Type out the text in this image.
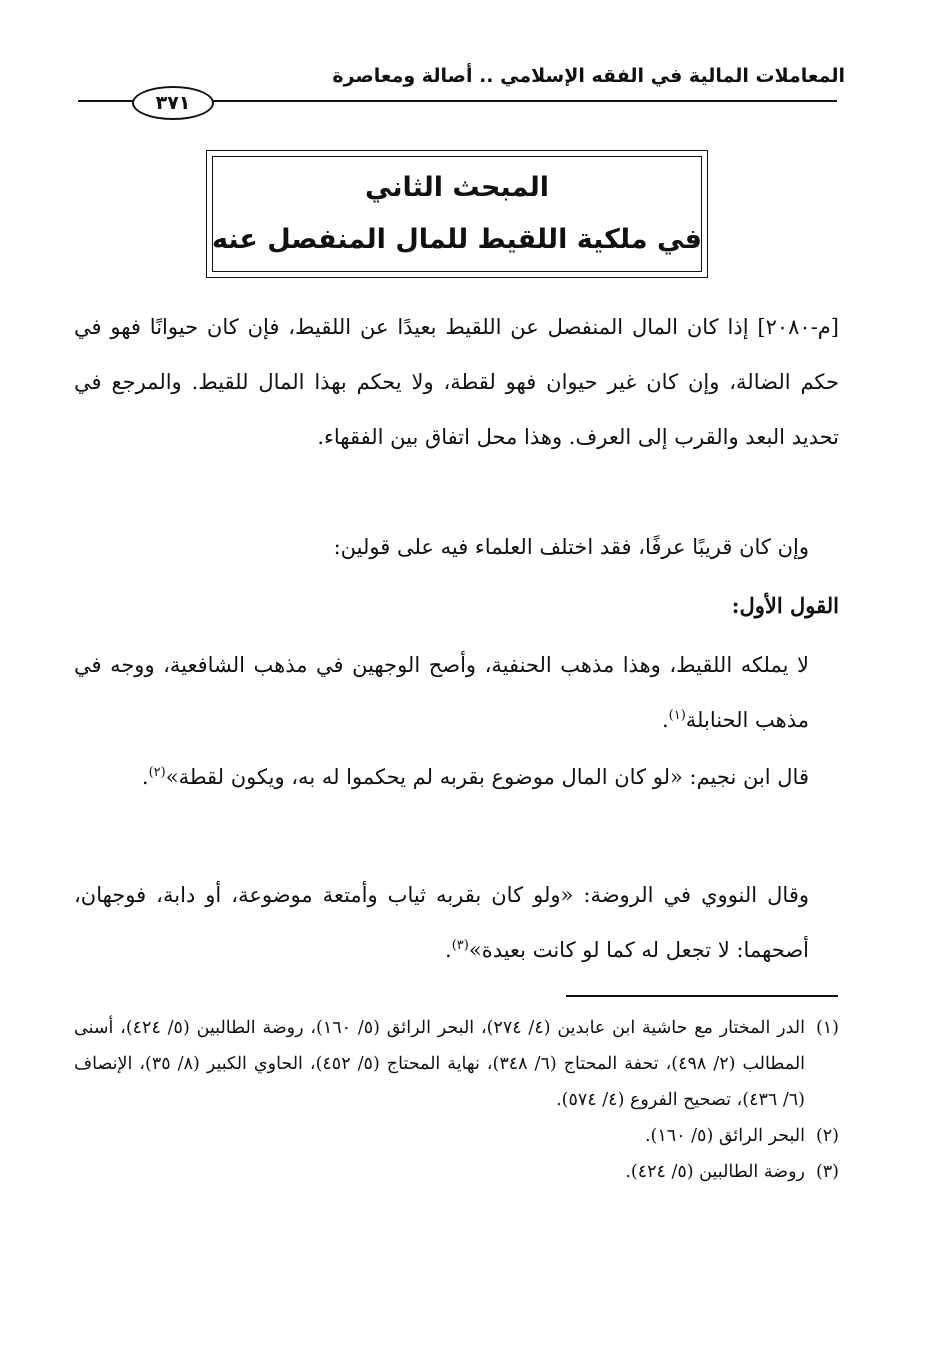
المعاملات المالية في الفقه الإسلامي .. أصالة ومعاصرة
٣٧١
المبحث الثاني
في ملكية اللقيط للمال المنفصل عنه
[م-٢٠٨٠] إذا كان المال المنفصل عن اللقيط بعيدًا عن اللقيط، فإن كان حيوانًا فهو في حكم الضالة، وإن كان غير حيوان فهو لقطة، ولا يحكم بهذا المال للقيط. والمرجع في تحديد البعد والقرب إلى العرف. وهذا محل اتفاق بين الفقهاء.
وإن كان قريبًا عرفًا، فقد اختلف العلماء فيه على قولين:
القول الأول:
لا يملكه اللقيط، وهذا مذهب الحنفية، وأصح الوجهين في مذهب الشافعية، ووجه في مذهب الحنابلة$^{(١)}$.
قال ابن نجيم: «لو كان المال موضوع بقربه لم يحكموا له به، ويكون لقطة»$^{(٢)}$.
وقال النووي في الروضة: «ولو كان بقربه ثياب وأمتعة موضوعة، أو دابة، فوجهان، أصحهما: لا تجعل له كما لو كانت بعيدة»$^{(٣)}$.
(١)
الدر المختار مع حاشية ابن عابدين (٤/ ٢٧٤)، البحر الرائق (٥/ ١٦٠)، روضة الطالبين (٥/ ٤٢٤)، أسنى المطالب (٢/ ٤٩٨)، تحفة المحتاج (٦/ ٣٤٨)، نهاية المحتاج (٥/ ٤٥٢)، الحاوي الكبير (٨/ ٣٥)، الإنصاف (٦/ ٤٣٦)، تصحيح الفروع (٤/ ٥٧٤).
(٢)
البحر الرائق (٥/ ١٦٠).
(٣)
روضة الطالبين (٥/ ٤٢٤).
